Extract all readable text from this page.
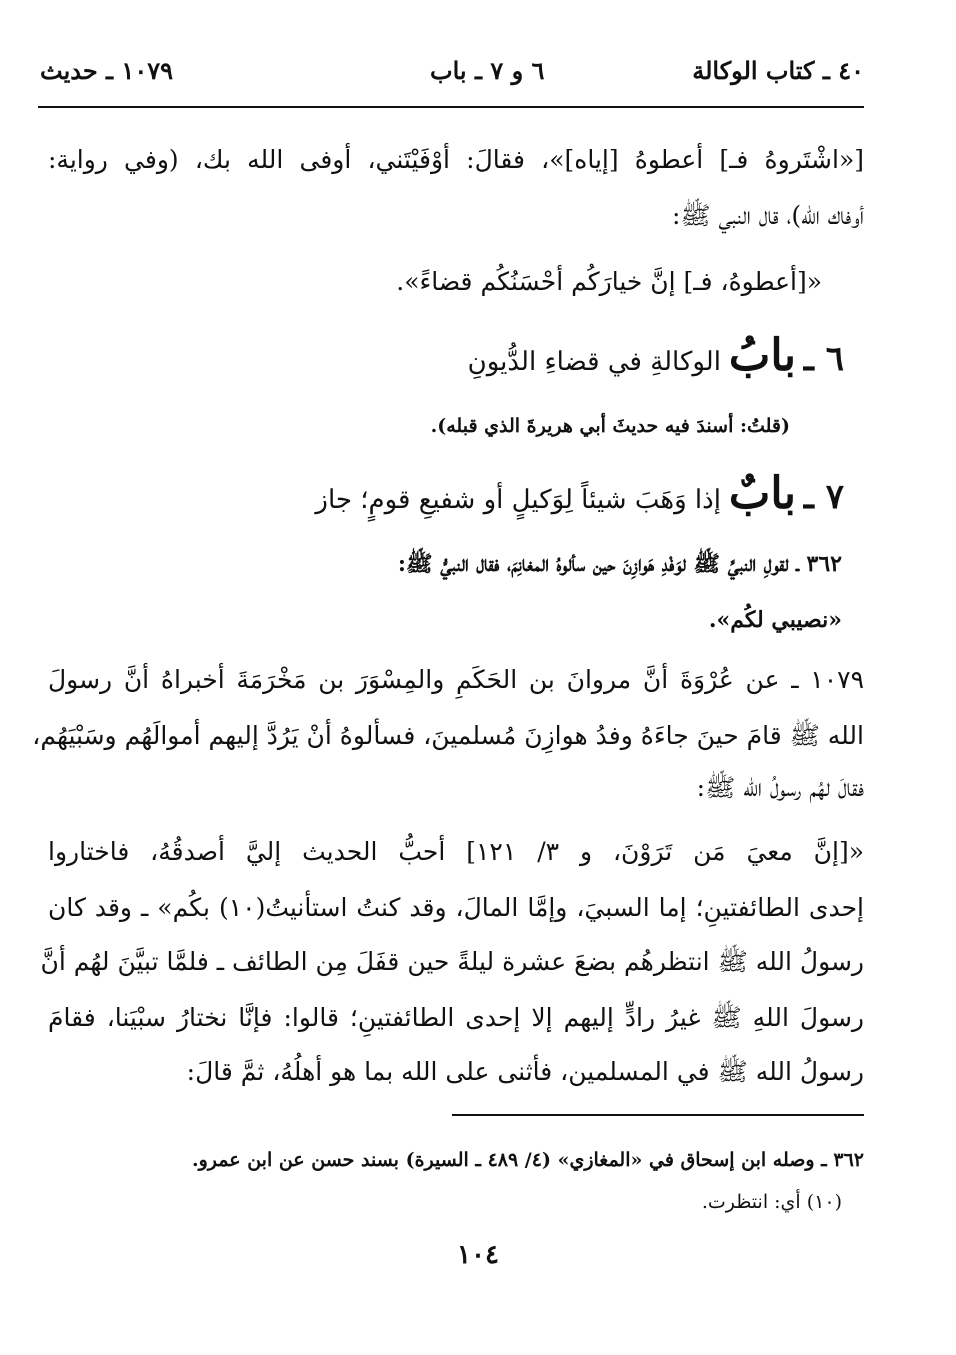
٤٠ ـ كتاب الوكالة
٦ و ٧ ـ باب
١٠٧٩ ـ حديث
[«اشْتَروهُ فـ] أعطوهُ [إياه]»، فقالَ: أوْفَيْتَني، أوفى الله بك، (وفي رواية:
أوفاك الله)، قال النبي ﷺ:
«[أعطوهُ، فـ] إنَّ خيارَكُم أحْسَنُكُم قضاءً».
٦ ـ بابُ الوكالةِ في قضاءِ الدُّيونِ
(قلتُ: أسندَ فيه حديثَ أبي هريرةَ الذي قبله).
٧ ـ بابٌ إذا وَهَبَ شيئاً لِوَكيلٍ أو شفيعِ قومٍ؛ جاز
٣٦٢ ـ لقولِ النبيِّ ﷺ لوَفْدِ هَوازِنَ حين سألوهُ المغانِمَ، فقال النبيُّ ﷺ:
«نصيبي لكُم».
١٠٧٩ ـ عن عُرْوَةَ أنَّ مروانَ بن الحَكَمِ والمِسْوَرَ بن مَخْرَمَةَ أخبراهُ أنَّ رسولَ
الله ﷺ قامَ حينَ جاءَهُ وفدُ هوازِنَ مُسلمينَ، فسألوهُ أنْ يَرُدَّ إليهم أموالَهُم وسَبْيَهُم،
فقالَ لهُم رسولُ الله ﷺ:
«[إنَّ معيَ مَن تَرَوْنَ، و ٣/ ١٢١] أحبُّ الحديث إليَّ أصدقُهُ، فاختاروا
إحدى الطائفتينِ؛ إما السبيَ، وإمَّا المالَ، وقد كنتُ استأنيتُ(١٠) بكُم» ـ وقد كان
رسولُ الله ﷺ انتظرهُم بضعَ عشرة ليلةً حين قفَلَ مِن الطائف ـ فلمَّا تبيَّنَ لهُم أنَّ
رسولَ اللهِ ﷺ غيرُ رادٍّ إليهم إلا إحدى الطائفتينِ؛ قالوا: فإنَّا نختارُ سبْيَنا، فقامَ
رسولُ الله ﷺ في المسلمين، فأثنى على الله بما هو أهلُهُ، ثمَّ قالَ:
٣٦٢ ـ وصله ابن إسحاق في «المغازي» (٤/ ٤٨٩ ـ السيرة) بسند حسن عن ابن عمرو.
(١٠) أي: انتظرت.
١٠٤
